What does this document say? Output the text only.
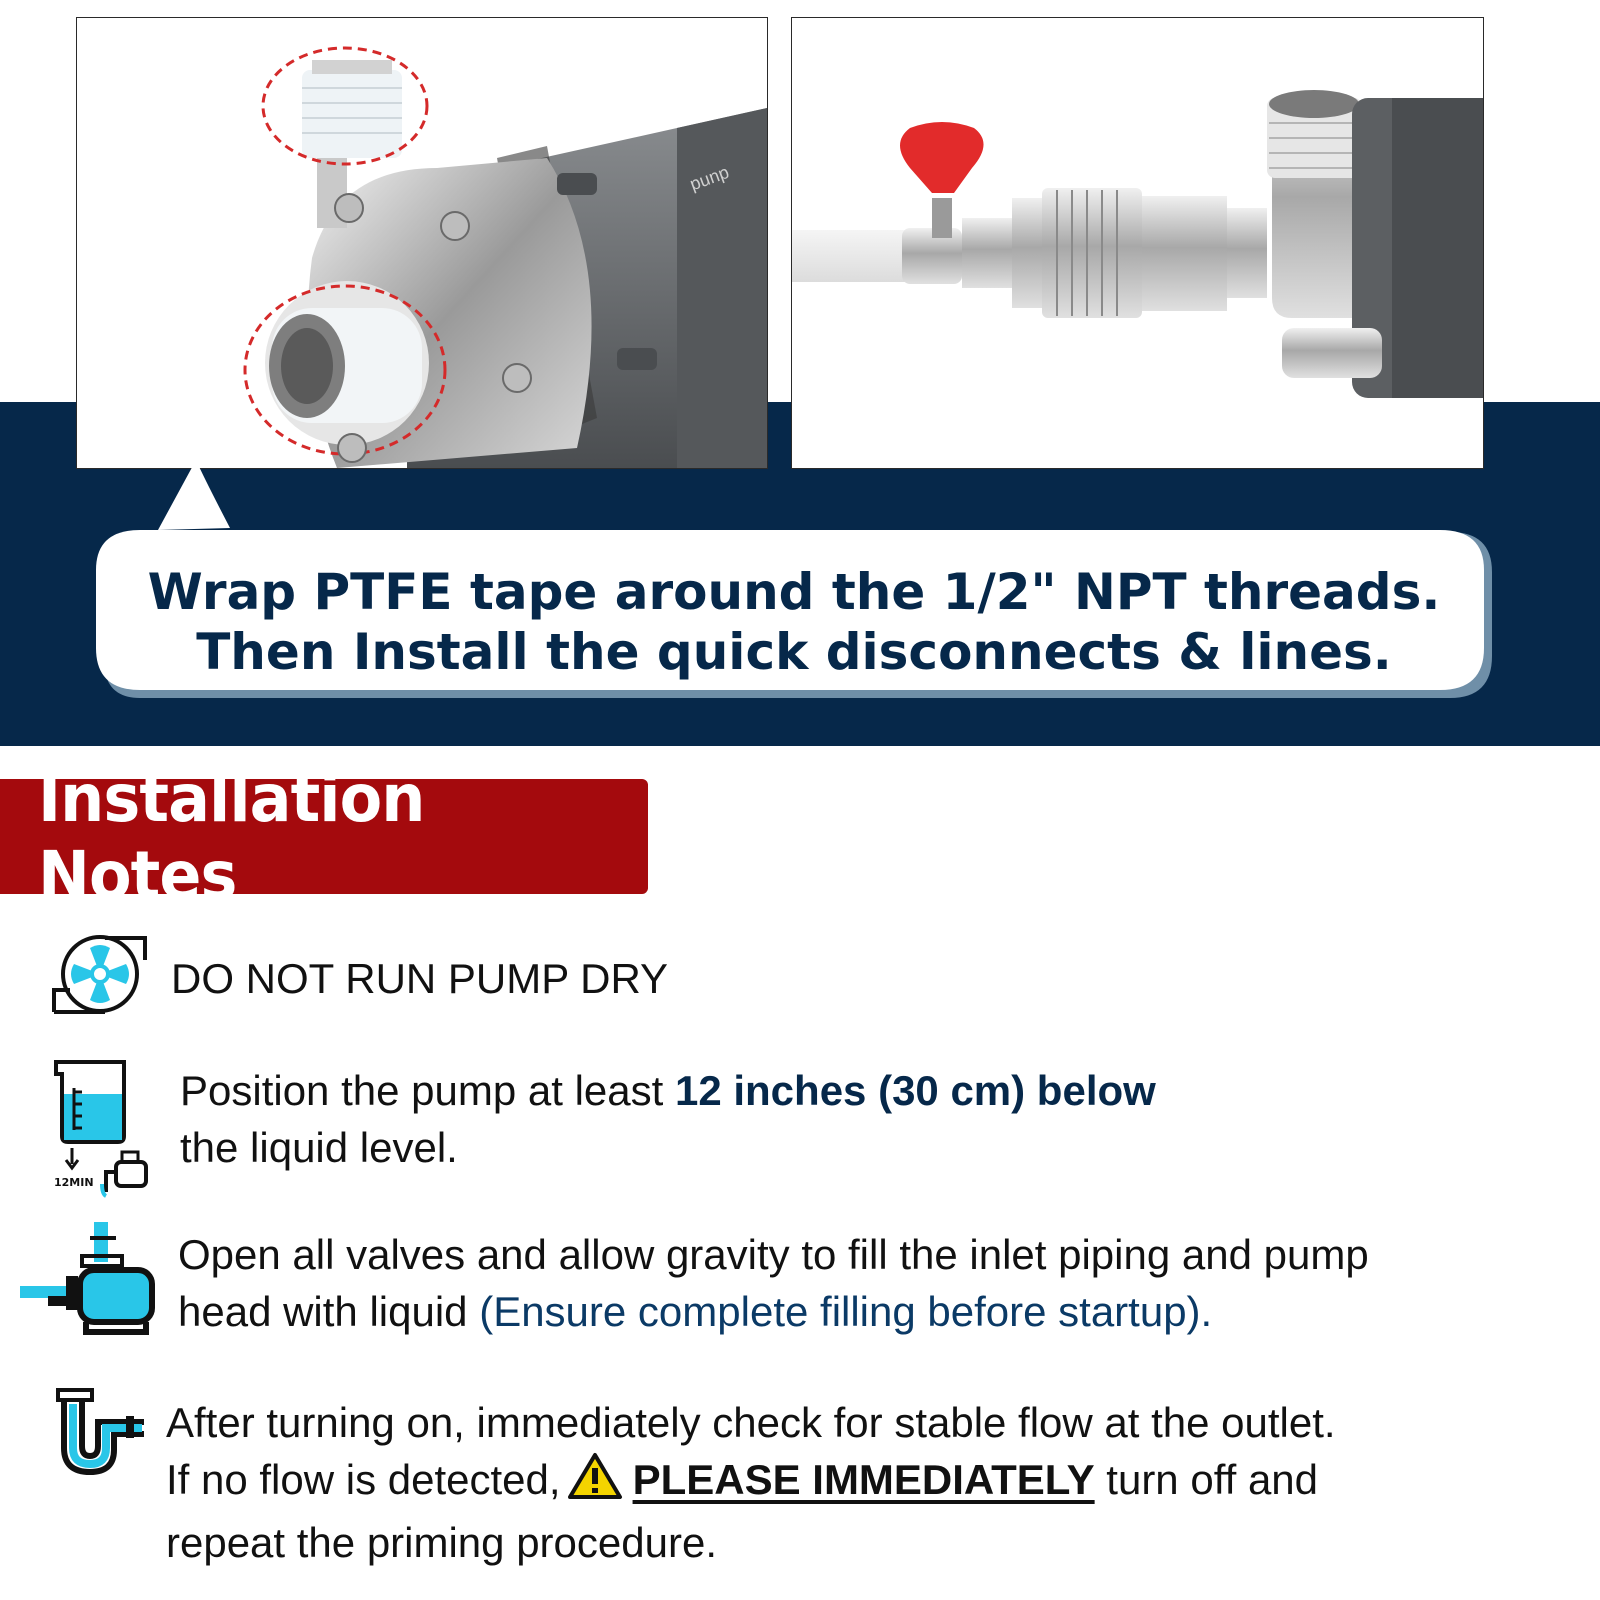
dund
Wrap PTFE tape around the 1/2" NPT threads.
Then Install the quick disconnects & lines.
Installation Notes
DO NOT RUN PUMP DRY
12MIN
Position the pump at least 12 inches (30 cm) below
the liquid level.
Open all valves and allow gravity to fill the inlet piping and pump
head with liquid (Ensure complete filling before startup).
After turning on, immediately check for stable flow at the outlet.
If no flow is detected, PLEASE IMMEDIATELY turn off and
repeat the priming procedure.
